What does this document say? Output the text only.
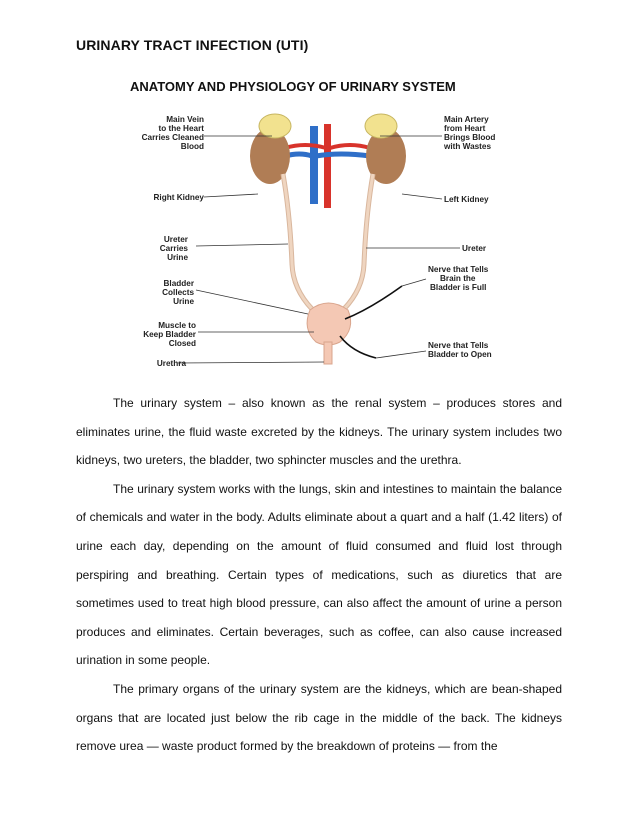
URINARY TRACT INFECTION (UTI)
ANATOMY AND PHYSIOLOGY OF URINARY SYSTEM
Main Vein to the Heart Carries Cleaned Blood
Right Kidney
Ureter Carries Urine
Bladder Collects Urine
Muscle to Keep Bladder Closed
Urethra
Main Artery from Heart Brings Blood with Wastes
Left Kidney
Ureter
Nerve that Tells Brain the Bladder is Full
Nerve that Tells Bladder to Open

The urinary system – also known as the renal system – produces stores and eliminates urine, the fluid waste excreted by the kidneys. The urinary system includes two kidneys, two ureters, the bladder, two sphincter muscles and the urethra.

The urinary system works with the lungs, skin and intestines to maintain the balance of chemicals and water in the body. Adults eliminate about a quart and a half (1.42 liters) of urine each day, depending on the amount of fluid consumed and fluid lost through perspiring and breathing. Certain types of medications, such as diuretics that are sometimes used to treat high blood pressure, can also affect the amount of urine a person produces and eliminates. Certain beverages, such as coffee, can also cause increased urination in some people.

The primary organs of the urinary system are the kidneys, which are bean-shaped organs that are located just below the rib cage in the middle of the back. The kidneys remove urea — waste product formed by the breakdown of proteins — from the
